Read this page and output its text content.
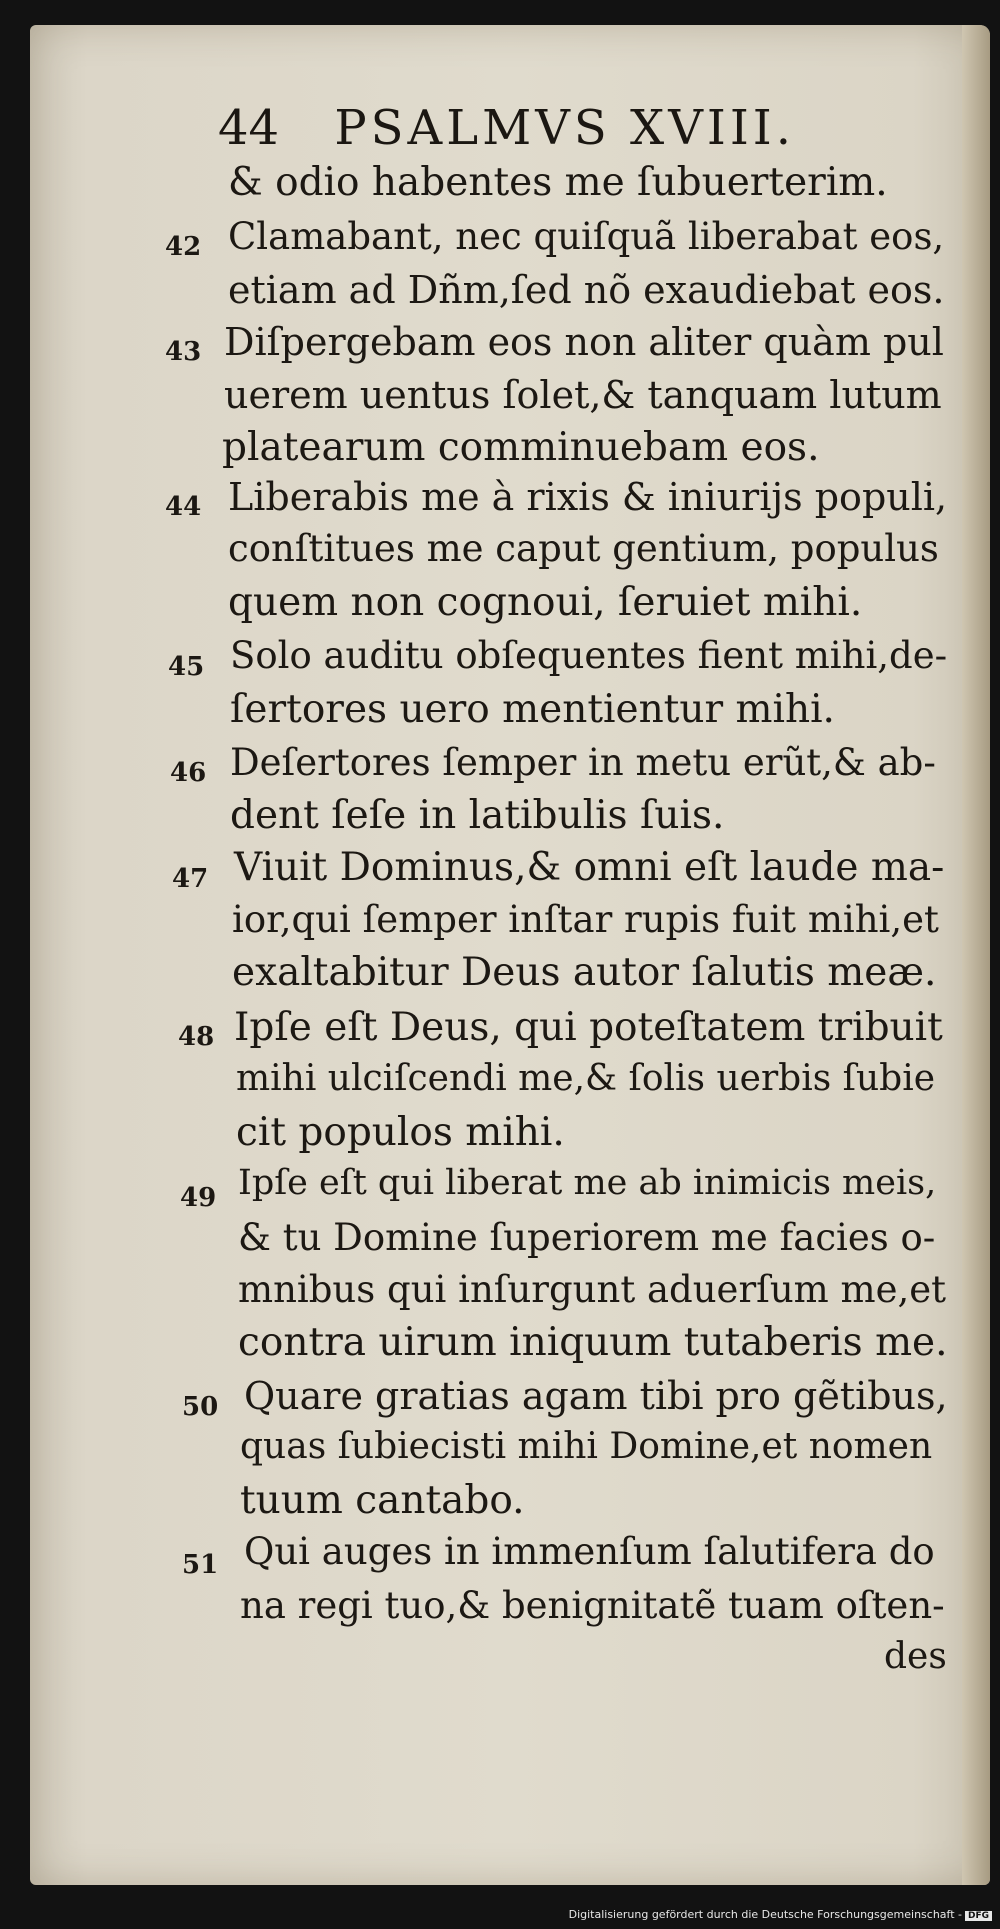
44 PSALMVS XVIII.
& odio habentes me ſubuerterim.
42 Clamabant, nec quiſquã liberabat eos,
etiam ad Dñm,ſed nõ exaudiebat eos.
43 Diſpergebam eos non aliter quàm pul
uerem uentus ſolet,& tanquam lutum
platearum comminuebam eos.
44 Liberabis me à rixis & iniurijs populi,
conſtitues me caput gentium, populus
quem non cognoui, ſeruiet mihi.
45 Solo auditu obſequentes fient mihi,de-
ſertores uero mentientur mihi.
46 Deſertores ſemper in metu erũt,& ab-
dent ſeſe in latibulis ſuis.
47 Viuit Dominus,& omni eſt laude ma-
ior,qui ſemper inſtar rupis fuit mihi,et
exaltabitur Deus autor ſalutis meæ.
48 Ipſe eſt Deus, qui poteſtatem tribuit
mihi ulciſcendi me,& ſolis uerbis ſubie
cit populos mihi.
49 Ipſe eſt qui liberat me ab inimicis meis,
& tu Domine ſuperiorem me facies o-
mnibus qui inſurgunt aduerſum me,et
contra uirum iniquum tutaberis me.
50 Quare gratias agam tibi pro gẽtibus,
quas ſubiecisti mihi Domine,et nomen
tuum cantabo.
51 Qui auges in immenſum ſalutifera do
na regi tuo,& benignitatẽ tuam oſten-
des
Digitalisierung gefördert durch die Deutsche Forschungsgemeinschaft - DFG
